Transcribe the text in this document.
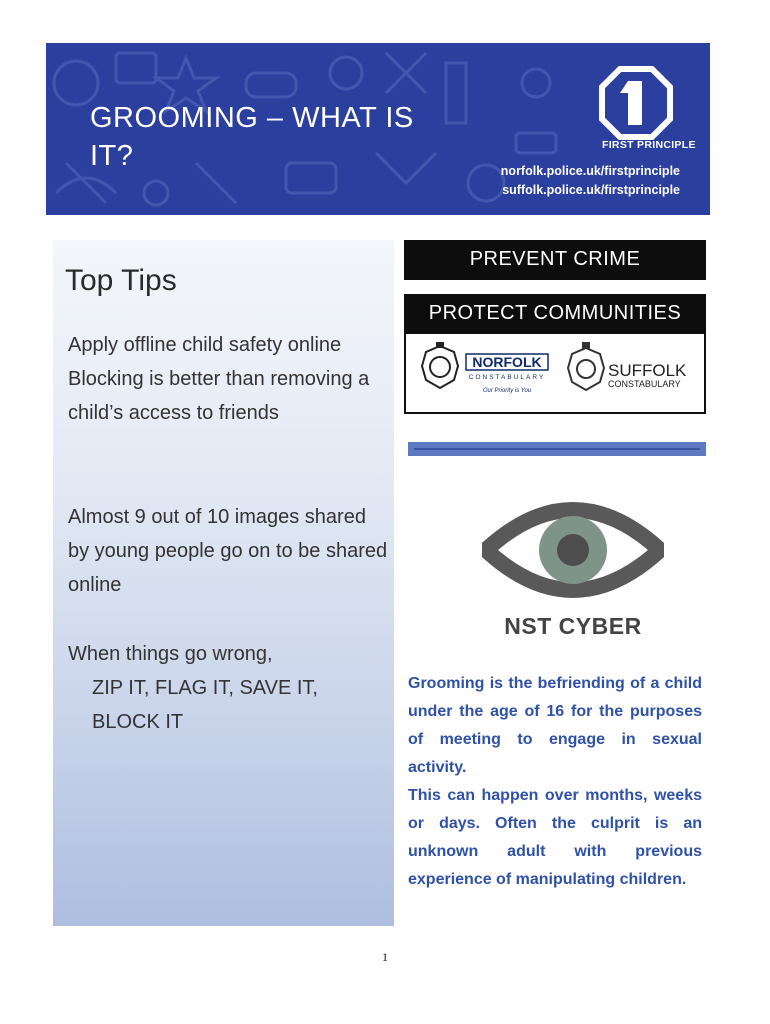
GROOMING – WHAT IS IT?	FIRST PRINCIPLE
norfolk.police.uk/firstprinciple
suffolk.police.uk/firstprinciple
Top Tips
Apply offline child safety online Blocking is better than removing a child’s access to friends
Almost 9 out of 10 images shared by young people go on to be shared online
When things go wrong,
ZIP IT, FLAG IT, SAVE IT, BLOCK IT
PREVENT CRIME
PROTECT COMMUNITIES
NORFOLK
CONSTABULARY
Our Priority is You
SUFFOLK
CONSTABULARY
NST CYBER

Grooming is the befriending of a child under the age of 16 for the purposes of meeting to engage in sexual activity.

This can happen over months, weeks or days. Often the culprit is an unknown adult with previous experience of manipulating children.

1
